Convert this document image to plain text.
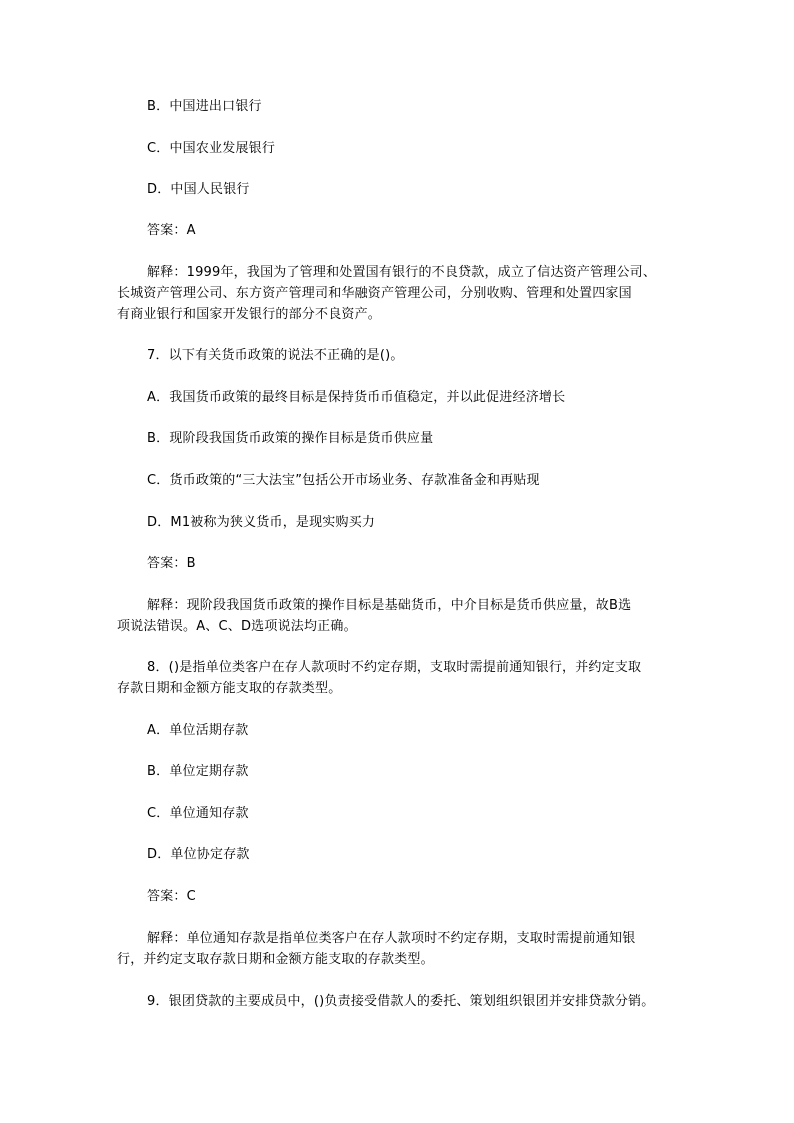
B．中国进出口银行
C．中国农业发展银行
D．中国人民银行
答案：A
解释：1999年，我国为了管理和处置国有银行的不良贷款，成立了信达资产管理公司、
长城资产管理公司、东方资产管理司和华融资产管理公司，分别收购、管理和处置四家国
有商业银行和国家开发银行的部分不良资产。
7．以下有关货币政策的说法不正确的是()。
A．我国货币政策的最终目标是保持货币币值稳定，并以此促进经济增长
B．现阶段我国货币政策的操作目标是货币供应量
C．货币政策的“三大法宝”包括公开市场业务、存款准备金和再贴现
D．M1被称为狭义货币，是现实购买力
答案：B
解释：现阶段我国货币政策的操作目标是基础货币，中介目标是货币供应量，故B选
项说法错误。A、C、D选项说法均正确。
8．()是指单位类客户在存人款项时不约定存期，支取时需提前通知银行，并约定支取
存款日期和金额方能支取的存款类型。
A．单位活期存款
B．单位定期存款
C．单位通知存款
D．单位协定存款
答案：C
解释：单位通知存款是指单位类客户在存人款项时不约定存期，支取时需提前通知银
行，并约定支取存款日期和金额方能支取的存款类型。
9．银团贷款的主要成员中，()负责接受借款人的委托、策划组织银团并安排贷款分销。
